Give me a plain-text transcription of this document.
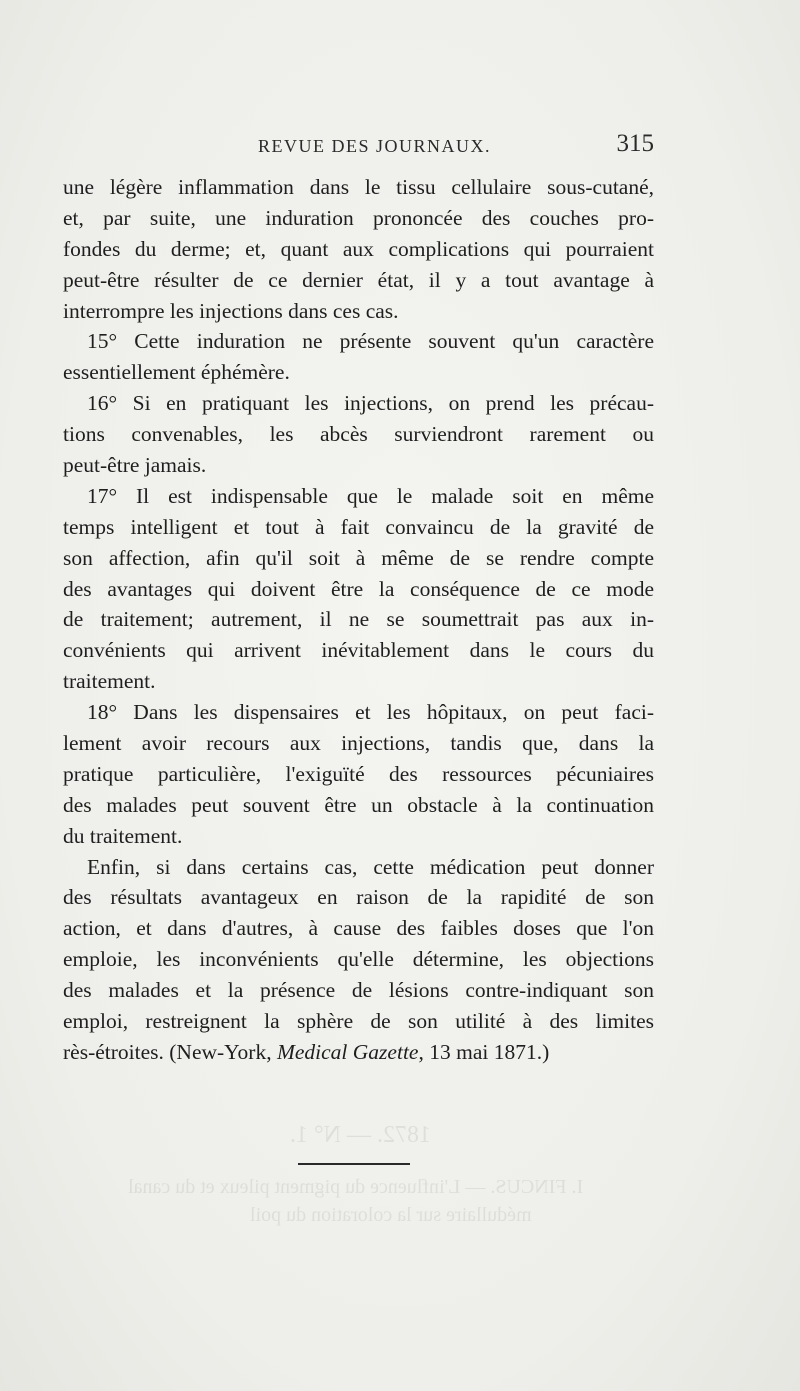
1872. — N° 1.
I. FINCUS. — L'influence du pigment pileux et du canal
médullaire sur la coloration du poil
REVUE DES JOURNAUX.	315
une légère inflammation dans le tissu cellulaire sous-cutané,
et, par suite, une induration prononcée des couches pro-
fondes du derme; et, quant aux complications qui pourraient
peut-être résulter de ce dernier état, il y a tout avantage à
interrompre les injections dans ces cas.
15° Cette induration ne présente souvent qu'un caractère
essentiellement éphémère.
16° Si en pratiquant les injections, on prend les précau-
tions convenables, les abcès surviendront rarement ou
peut-être jamais.
17° Il est indispensable que le malade soit en même
temps intelligent et tout à fait convaincu de la gravité de
son affection, afin qu'il soit à même de se rendre compte
des avantages qui doivent être la conséquence de ce mode
de traitement; autrement, il ne se soumettrait pas aux in-
convénients qui arrivent inévitablement dans le cours du
traitement.
18° Dans les dispensaires et les hôpitaux, on peut faci-
lement avoir recours aux injections, tandis que, dans la
pratique particulière, l'exiguïté des ressources pécuniaires
des malades peut souvent être un obstacle à la continuation
du traitement.
Enfin, si dans certains cas, cette médication peut donner
des résultats avantageux en raison de la rapidité de son
action, et dans d'autres, à cause des faibles doses que l'on
emploie, les inconvénients qu'elle détermine, les objections
des malades et la présence de lésions contre-indiquant son
emploi, restreignent la sphère de son utilité à des limites
rès-étroites. (New-York, Medical Gazette, 13 mai 1871.)
